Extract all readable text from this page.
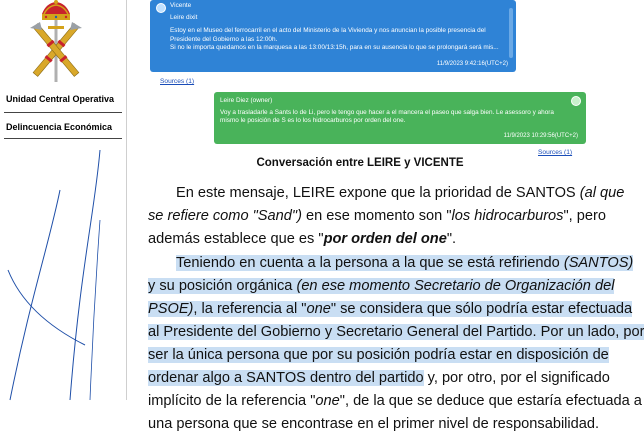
Unidad Central Operativa
Delincuencia Económica
Vicente
Leire dixit
Estoy en el Museo del ferrocarril en el acto del Ministerio de la Vivienda y nos anuncian la posible presencia del
Presidente del Gobierno a las 12:00h.
Si no le importa quedamos en la marquesa a las 13:00/13:15h, para en su ausencia lo que se prolongará será mis...
11/9/2023 9:42:16(UTC+2)
Sources (1)
Leire Diez (owner)
Voy a trasladarle a Sants lo de Li, pero le tengo que hacer a el mancera el paseo que salga bien. Le asessoro y ahora
mismo le posición de S es lo los hidrocarburos por orden del one.
11/9/2023 10:29:56(UTC+2)
Sources (1)
Conversación entre LEIRE y VICENTE
En este mensaje, LEIRE expone que la prioridad de SANTOS (al que
se refiere como "Sand") en ese momento son "los hidrocarburos", pero
además establece que es "por orden del one".
Teniendo en cuenta a la persona a la que se está refiriendo (SANTOS)
y su posición orgánica (en ese momento Secretario de Organización del
PSOE), la referencia al "one" se considera que sólo podría estar efectuada
al Presidente del Gobierno y Secretario General del Partido. Por un lado, por
ser la única persona que por su posición podría estar en disposición de
ordenar algo a SANTOS dentro del partido y, por otro, por el significado
implícito de la referencia "one", de la que se deduce que estaría efectuada a
una persona que se encontrase en el primer nivel de responsabilidad.
